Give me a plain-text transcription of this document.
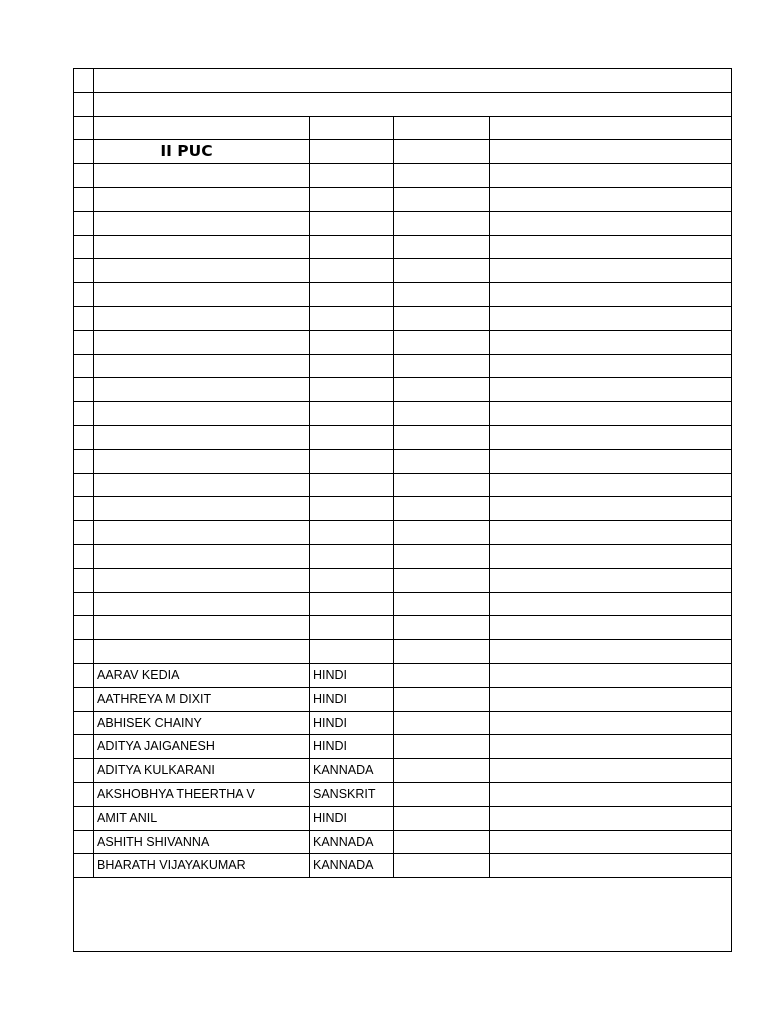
II PUC
AARAV KEDIA	HINDI
AATHREYA M DIXIT	HINDI
ABHISEK CHAINY	HINDI
ADITYA JAIGANESH	HINDI
ADITYA KULKARANI	KANNADA
AKSHOBHYA THEERTHA V	SANSKRIT
AMIT ANIL	HINDI
ASHITH SHIVANNA	KANNADA
BHARATH VIJAYAKUMAR	KANNADA
